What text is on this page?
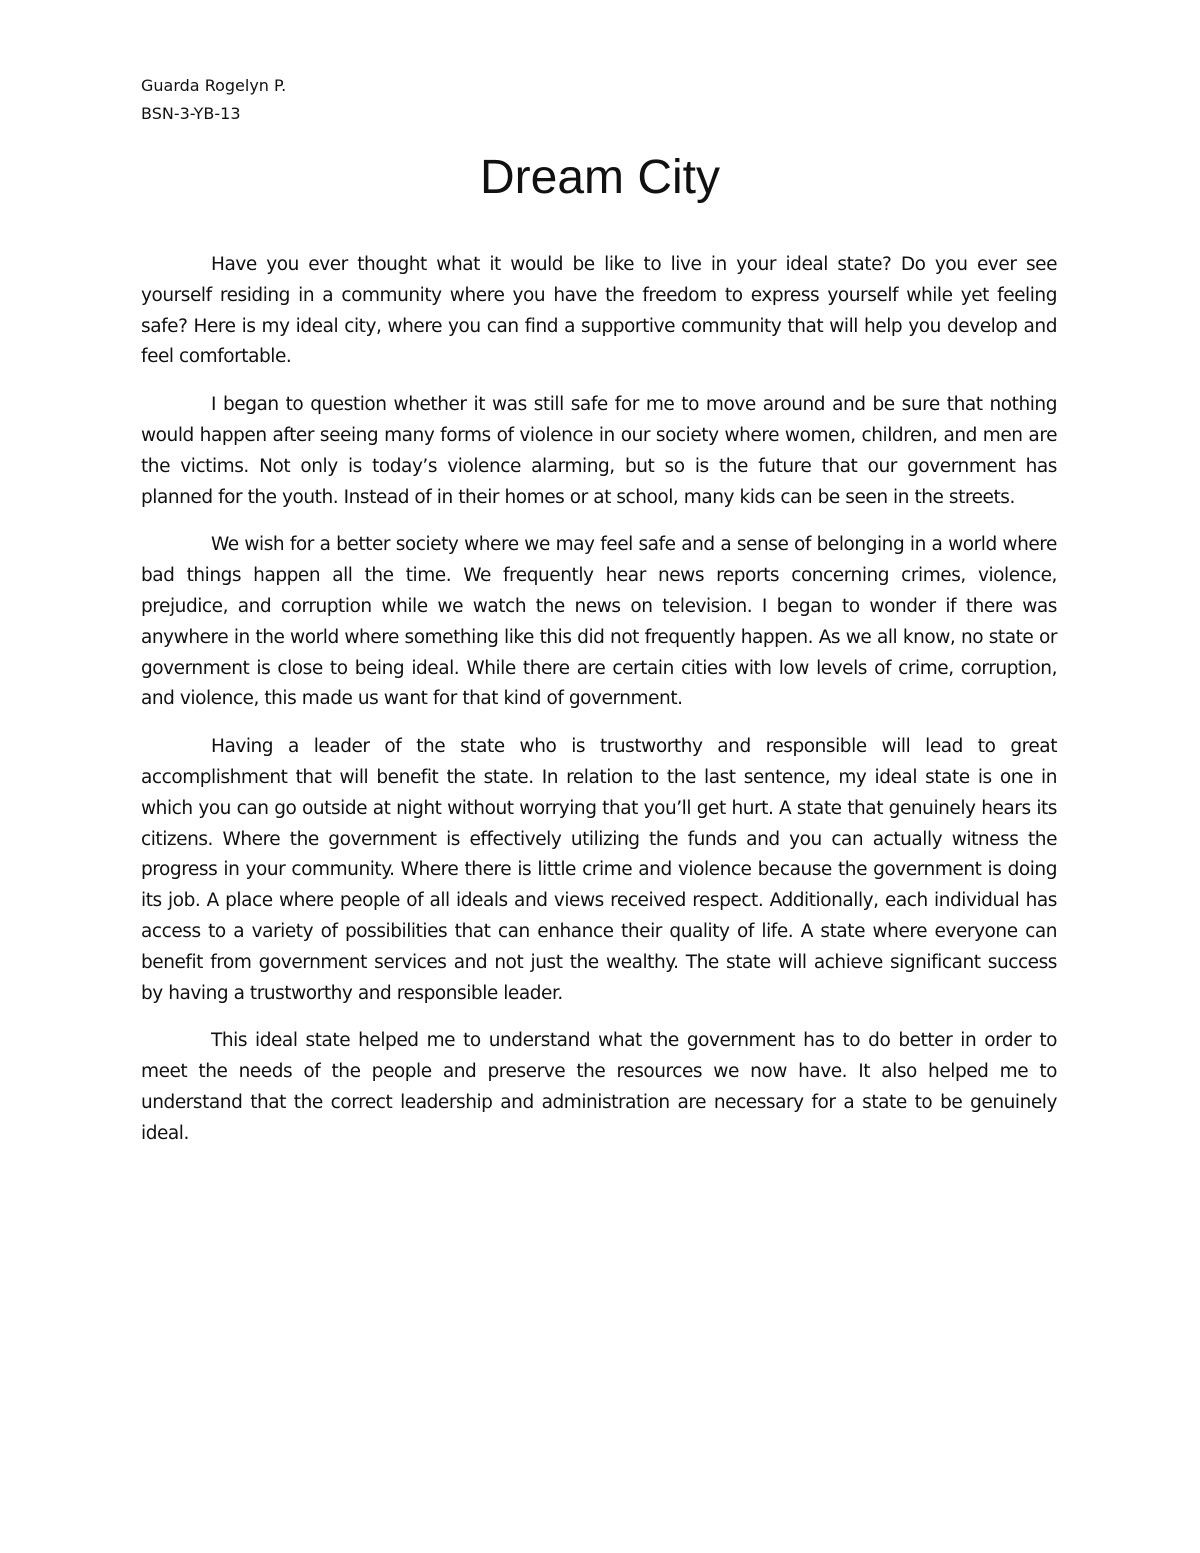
Guarda Rogelyn P.
BSN-3-YB-13
Dream City

Have you ever thought what it would be like to live in your ideal state? Do you ever see yourself residing in a community where you have the freedom to express yourself while yet feeling safe? Here is my ideal city, where you can find a supportive community that will help you develop and feel comfortable.

I began to question whether it was still safe for me to move around and be sure that nothing would happen after seeing many forms of violence in our society where women, children, and men are the victims. Not only is today’s violence alarming, but so is the future that our government has planned for the youth. Instead of in their homes or at school, many kids can be seen in the streets.

We wish for a better society where we may feel safe and a sense of belonging in a world where bad things happen all the time. We frequently hear news reports concerning crimes, violence, prejudice, and corruption while we watch the news on television. I began to wonder if there was anywhere in the world where something like this did not frequently happen. As we all know, no state or government is close to being ideal. While there are certain cities with low levels of crime, corruption, and violence, this made us want for that kind of government.

Having a leader of the state who is trustworthy and responsible will lead to great accomplishment that will benefit the state. In relation to the last sentence, my ideal state is one in which you can go outside at night without worrying that you’ll get hurt. A state that genuinely hears its citizens. Where the government is effectively utilizing the funds and you can actually witness the progress in your community. Where there is little crime and violence because the government is doing its job. A place where people of all ideals and views received respect. Additionally, each individual has access to a variety of possibilities that can enhance their quality of life. A state where everyone can benefit from government services and not just the wealthy. The state will achieve significant success by having a trustworthy and responsible leader.

This ideal state helped me to understand what the government has to do better in order to meet the needs of the people and preserve the resources we now have. It also helped me to understand that the correct leadership and administration are necessary for a state to be genuinely ideal.
